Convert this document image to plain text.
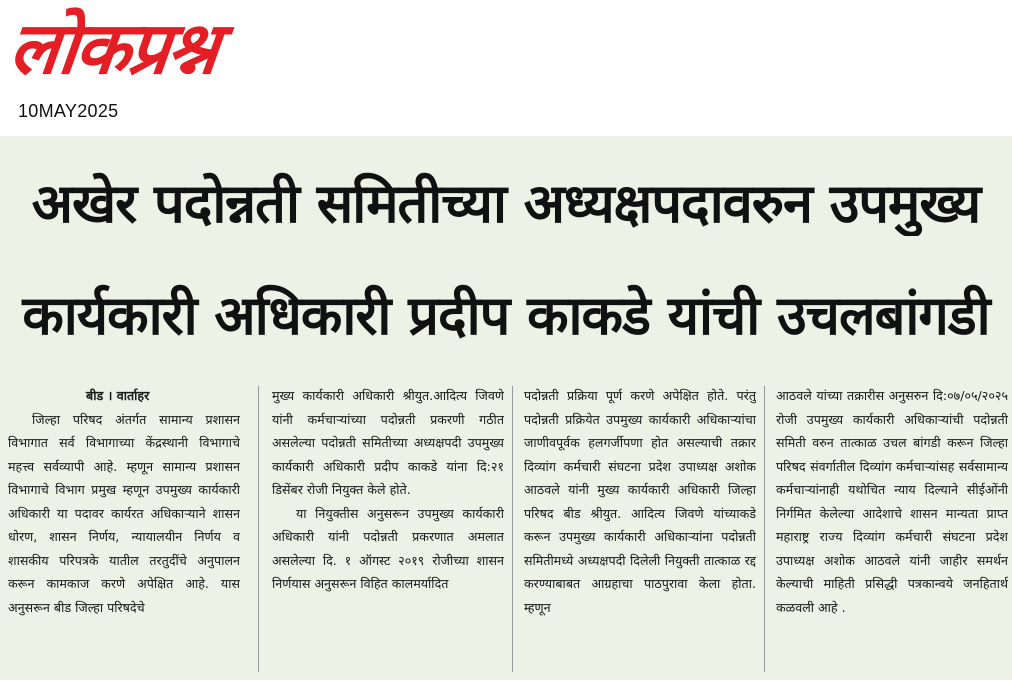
लोकप्रश्न
10MAY2025
अखेर पदोन्नती समितीच्या अध्यक्षपदावरुन उपमुख्य
कार्यकारी अधिकारी प्रदीप काकडे यांची उचलबांगडी

बीड । वार्ताहर

जिल्हा परिषद अंतर्गत सामान्य प्रशासन विभागात सर्व विभागाच्या केंद्रस्थानी विभागाचे महत्त्व सर्वव्यापी आहे. म्हणून सामान्य प्रशासन विभागाचे विभाग प्रमुख म्हणून उपमुख्य कार्यकारी अधिकारी या पदावर कार्यरत अधिकाऱ्याने शासन धोरण, शासन निर्णय, न्यायालयीन निर्णय व शासकीय परिपत्रके यातील तरतुदींचे अनुपालन करून कामकाज करणे अपेक्षित आहे. यास अनुसरून बीड जिल्हा परिषदेचे

मुख्य कार्यकारी अधिकारी श्रीयुत.आदित्य जिवणे यांनी कर्मचाऱ्यांच्या पदोन्नती प्रकरणी गठीत असलेल्या पदोन्नती समितीच्या अध्यक्षपदी उपमुख्य कार्यकारी अधिकारी प्रदीप काकडे यांना दि:२१ डिसेंबर रोजी नियुक्त केले होते.

या नियुक्तीस अनुसरून उपमुख्य कार्यकारी अधिकारी यांनी पदोन्नती प्रकरणात अमलात असलेल्या दि. १ ऑगस्ट २०१९ रोजीच्या शासन निर्णयास अनुसरून विहित कालमर्यादित

पदोन्नती प्रक्रिया पूर्ण करणे अपेक्षित होते. परंतु पदोन्नती प्रक्रियेत उपमुख्य कार्यकारी अधिकाऱ्यांचा जाणीवपूर्वक हलगर्जीपणा होत असल्याची तक्रार दिव्यांग कर्मचारी संघटना प्रदेश उपाध्यक्ष अशोक आठवले यांनी मुख्य कार्यकारी अधिकारी जिल्हा परिषद बीड श्रीयुत. आदित्य जिवणे यांच्याकडे करून उपमुख्य कार्यकारी अधिकाऱ्यांना पदोन्नती समितीमध्ये अध्यक्षपदी दिलेली नियुक्ती तात्काळ रद्द करण्याबाबत आग्रहाचा पाठपुरावा केला होता. म्हणून

आठवले यांच्या तक्रारीस अनुसरुन दि:०७/०५/२०२५ रोजी उपमुख्य कार्यकारी अधिकाऱ्यांची पदोन्नती समिती वरुन तात्काळ उचल बांगडी करून जिल्हा परिषद संवर्गातील दिव्यांग कर्मचाऱ्यांसह सर्वसामान्य कर्मचाऱ्यांनाही यथोचित न्याय दिल्याने सीईओंनी निर्गमित केलेल्या आदेशाचे शासन मान्यता प्राप्त महाराष्ट्र राज्य दिव्यांग कर्मचारी संघटना प्रदेश उपाध्यक्ष अशोक आठवले यांनी जाहीर समर्थन केल्याची माहिती प्रसिद्धी पत्रकान्वये जनहितार्थ कळवली आहे .
